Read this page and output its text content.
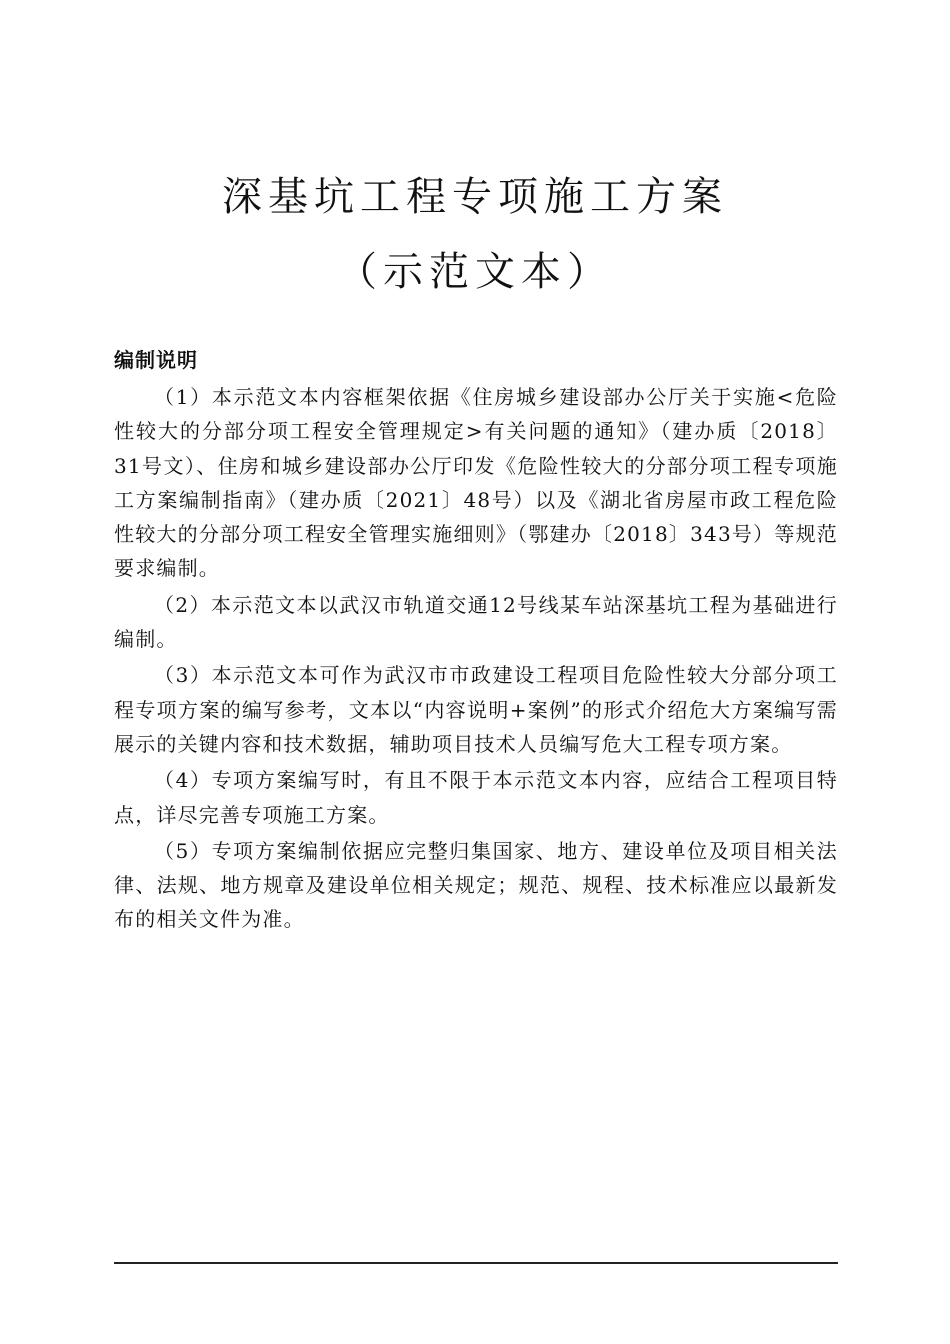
深基坑工程专项施工方案
（示范文本）
编制说明

（1）本示范文本内容框架依据《住房城乡建设部办公厅关于实施<危险性较大的分部分项工程安全管理规定>有关问题的通知》（建办质〔2018〕31号文）、住房和城乡建设部办公厅印发《危险性较大的分部分项工程专项施工方案编制指南》（建办质〔2021〕48号）以及《湖北省房屋市政工程危险性较大的分部分项工程安全管理实施细则》（鄂建办〔2018〕343号）等规范要求编制。

（2）本示范文本以武汉市轨道交通12号线某车站深基坑工程为基础进行编制。

（3）本示范文本可作为武汉市市政建设工程项目危险性较大分部分项工程专项方案的编写参考，文本以“内容说明+案例”的形式介绍危大方案编写需展示的关键内容和技术数据，辅助项目技术人员编写危大工程专项方案。

（4）专项方案编写时，有且不限于本示范文本内容，应结合工程项目特点，详尽完善专项施工方案。

（5）专项方案编制依据应完整归集国家、地方、建设单位及项目相关法律、法规、地方规章及建设单位相关规定；规范、规程、技术标准应以最新发布的相关文件为准。
